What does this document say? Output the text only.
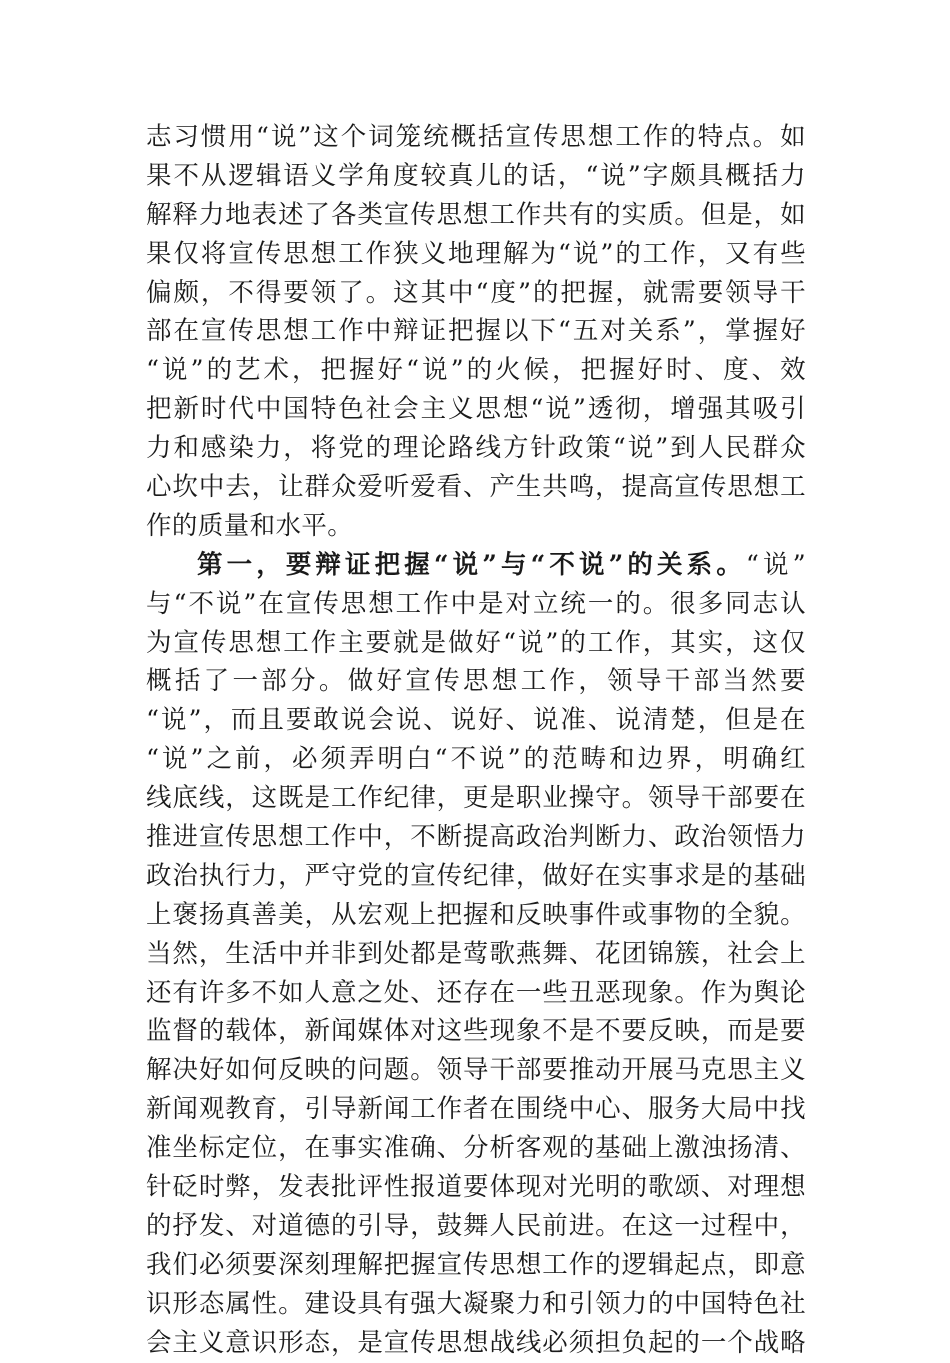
志习惯用“说”这个词笼统概括宣传思想工作的特点。如
果不从逻辑语义学角度较真儿的话，“说”字颇具概括力
解释力地表述了各类宣传思想工作共有的实质。但是，如
果仅将宣传思想工作狭义地理解为“说”的工作，又有些
偏颇，不得要领了。这其中“度”的把握，就需要领导干
部在宣传思想工作中辩证把握以下“五对关系”，掌握好
“说”的艺术，把握好“说”的火候，把握好时、度、效
把新时代中国特色社会主义思想“说”透彻，增强其吸引
力和感染力，将党的理论路线方针政策“说”到人民群众
心坎中去，让群众爱听爱看、产生共鸣，提高宣传思想工
作的质量和水平。
第一，要辩证把握“说”与“不说”的关系。“说”
与“不说”在宣传思想工作中是对立统一的。很多同志认
为宣传思想工作主要就是做好“说”的工作，其实，这仅
概括了一部分。做好宣传思想工作，领导干部当然要
“说”，而且要敢说会说、说好、说准、说清楚，但是在
“说”之前，必须弄明白“不说”的范畴和边界，明确红
线底线，这既是工作纪律，更是职业操守。领导干部要在
推进宣传思想工作中，不断提高政治判断力、政治领悟力
政治执行力，严守党的宣传纪律，做好在实事求是的基础
上褒扬真善美，从宏观上把握和反映事件或事物的全貌。
当然，生活中并非到处都是莺歌燕舞、花团锦簇，社会上
还有许多不如人意之处、还存在一些丑恶现象。作为舆论
监督的载体，新闻媒体对这些现象不是不要反映，而是要
解决好如何反映的问题。领导干部要推动开展马克思主义
新闻观教育，引导新闻工作者在围绕中心、服务大局中找
准坐标定位，在事实准确、分析客观的基础上激浊扬清、
针砭时弊，发表批评性报道要体现对光明的歌颂、对理想
的抒发、对道德的引导，鼓舞人民前进。在这一过程中，
我们必须要深刻理解把握宣传思想工作的逻辑起点，即意
识形态属性。建设具有强大凝聚力和引领力的中国特色社
会主义意识形态，是宣传思想战线必须担负起的一个战略
